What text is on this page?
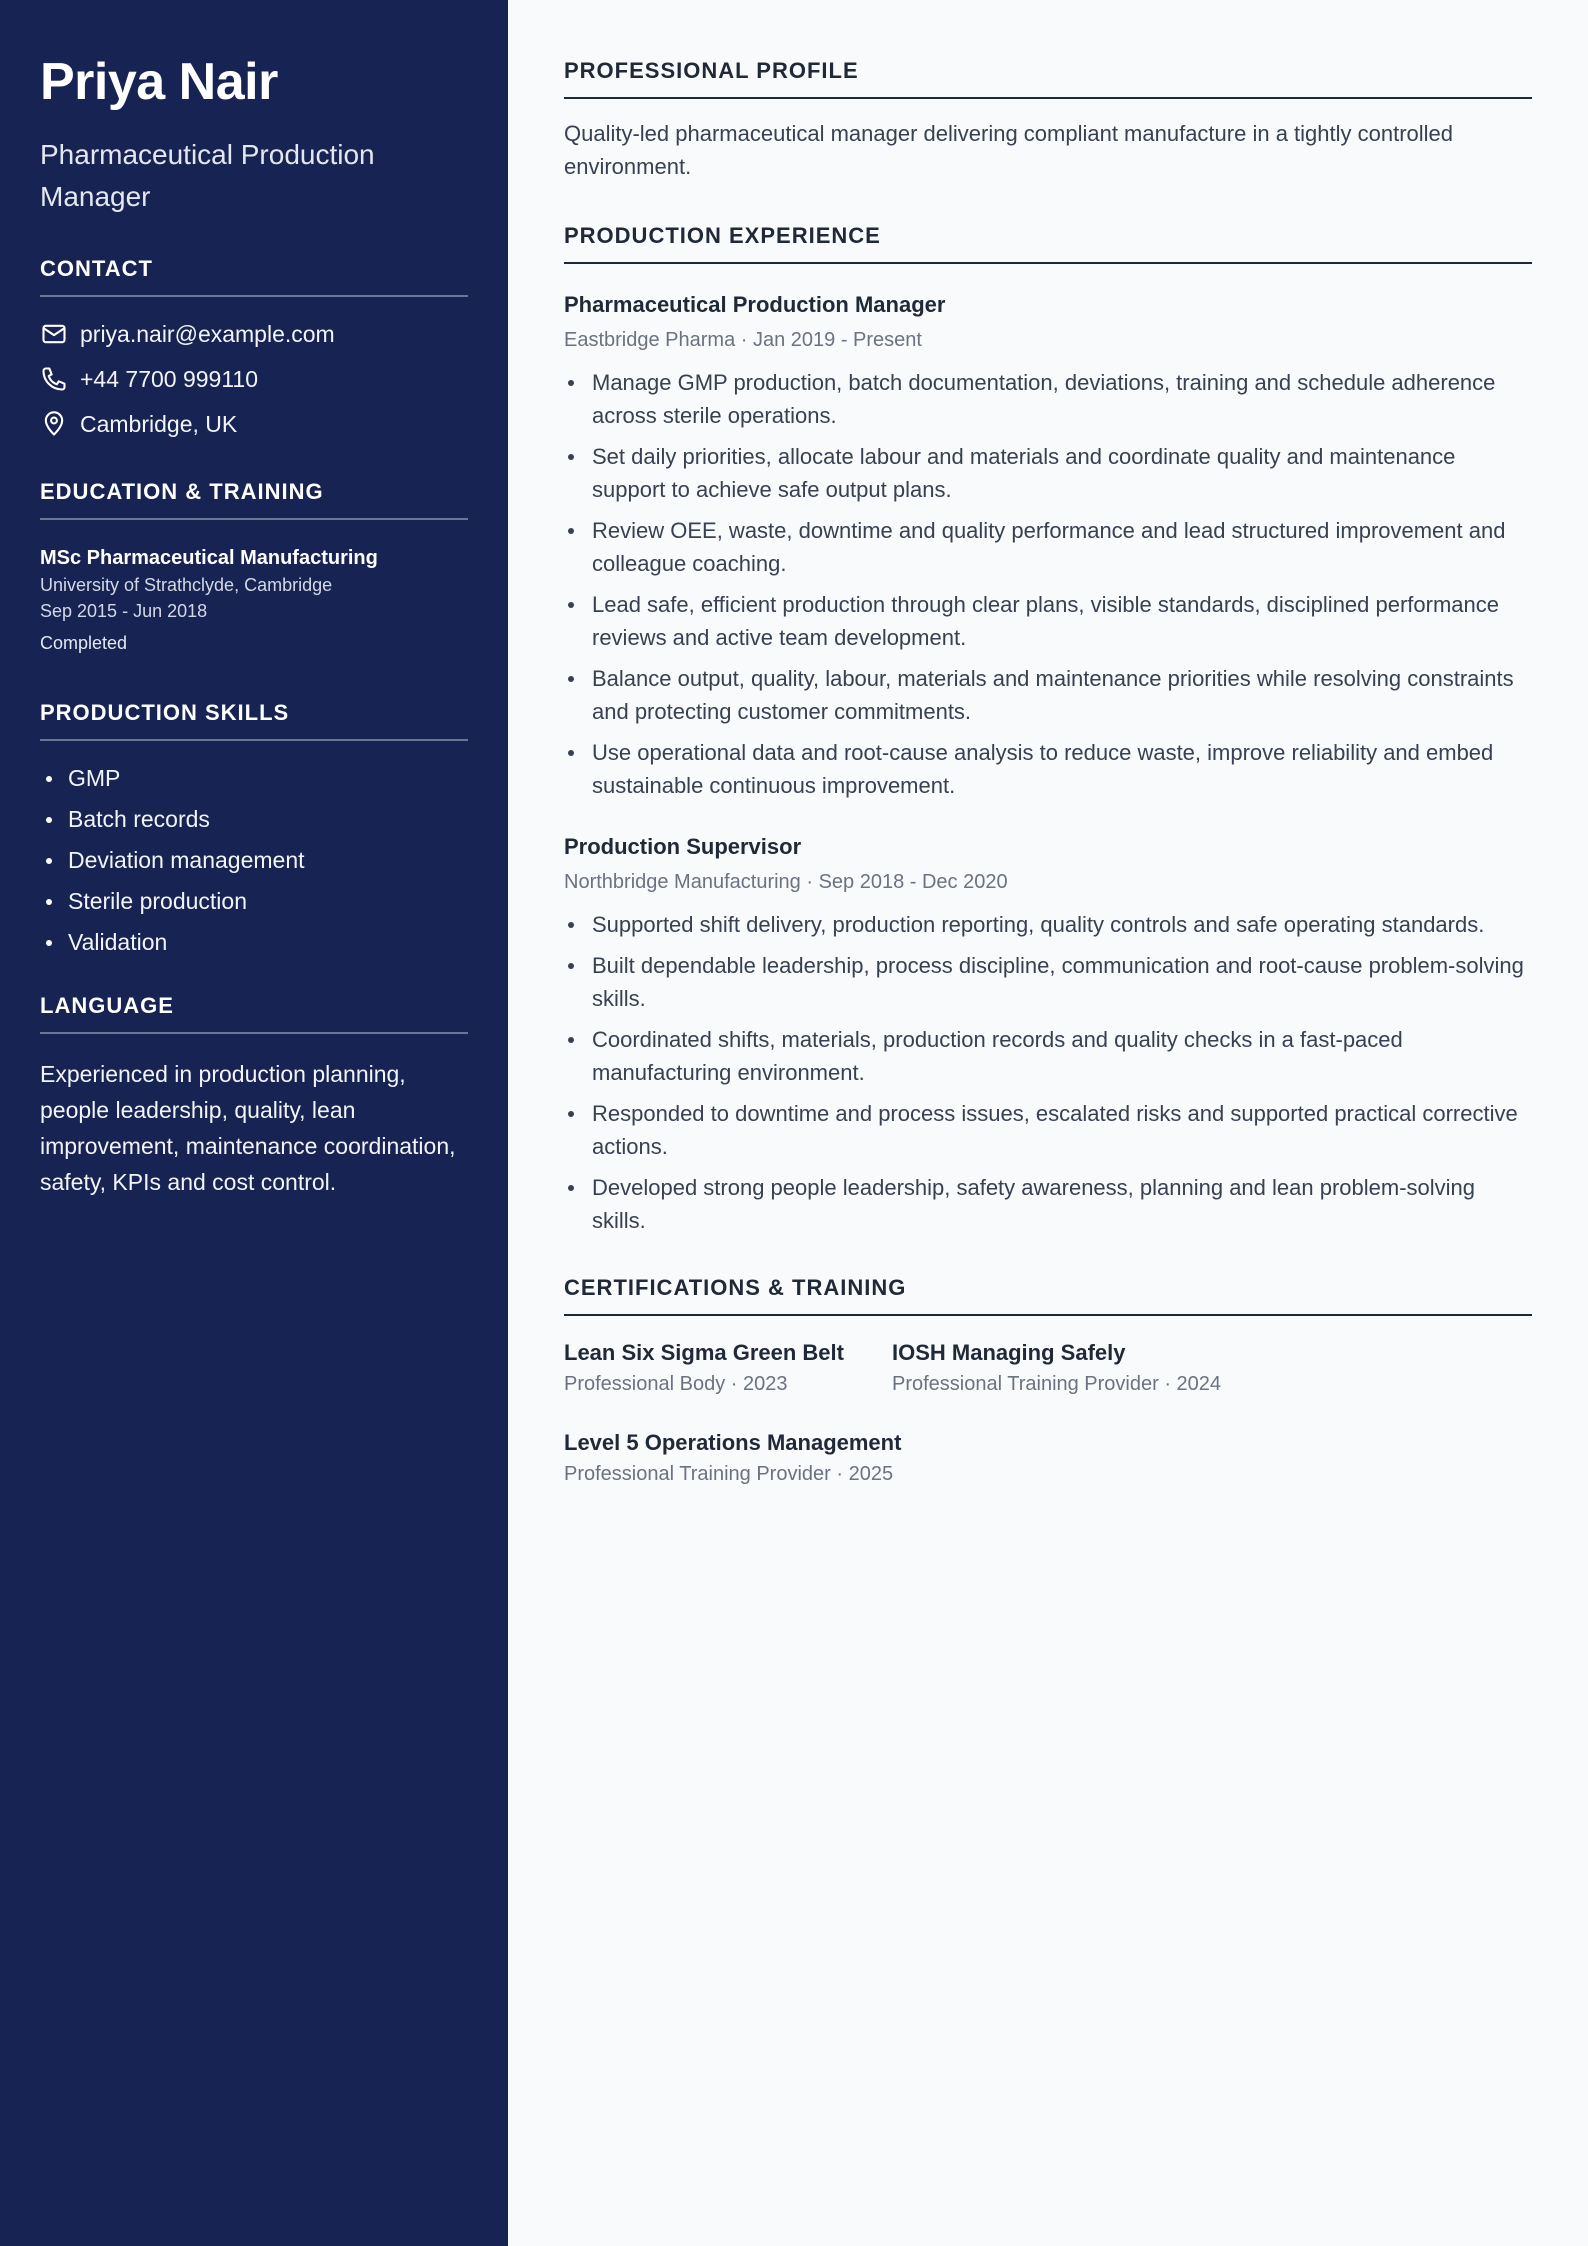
Priya Nair
Pharmaceutical Production Manager
CONTACT
priya.nair@example.com
+44 7700 999110
Cambridge, UK
EDUCATION & TRAINING
MSc Pharmaceutical Manufacturing
University of Strathclyde, Cambridge
Sep 2015 - Jun 2018
Completed
PRODUCTION SKILLS
GMP
Batch records
Deviation management
Sterile production
Validation
LANGUAGE

Experienced in production planning, people leadership, quality, lean improvement, maintenance coordination, safety, KPIs and cost control.

PROFESSIONAL PROFILE

Quality-led pharmaceutical manager delivering compliant manufacture in a tightly controlled environment.

PRODUCTION EXPERIENCE
Pharmaceutical Production Manager
Eastbridge Pharma · Jan 2019 - Present
Manage GMP production, batch documentation, deviations, training and schedule adherence across sterile operations.
Set daily priorities, allocate labour and materials and coordinate quality and maintenance support to achieve safe output plans.
Review OEE, waste, downtime and quality performance and lead structured improvement and colleague coaching.
Lead safe, efficient production through clear plans, visible standards, disciplined performance reviews and active team development.
Balance output, quality, labour, materials and maintenance priorities while resolving constraints and protecting customer commitments.
Use operational data and root-cause analysis to reduce waste, improve reliability and embed sustainable continuous improvement.
Production Supervisor
Northbridge Manufacturing · Sep 2018 - Dec 2020
Supported shift delivery, production reporting, quality controls and safe operating standards.
Built dependable leadership, process discipline, communication and root-cause problem-solving skills.
Coordinated shifts, materials, production records and quality checks in a fast-paced manufacturing environment.
Responded to downtime and process issues, escalated risks and supported practical corrective actions.
Developed strong people leadership, safety awareness, planning and lean problem-solving skills.
CERTIFICATIONS & TRAINING
Lean Six Sigma Green Belt
Professional Body · 2023
IOSH Managing Safely
Professional Training Provider · 2024
Level 5 Operations Management
Professional Training Provider · 2025
